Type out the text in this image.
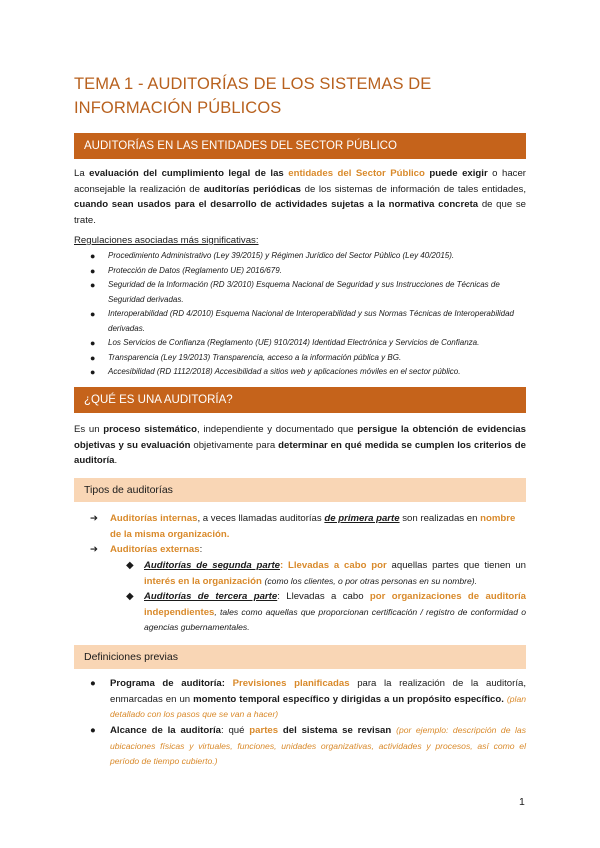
TEMA 1 - AUDITORÍAS DE LOS SISTEMAS DE INFORMACIÓN PÚBLICOS
AUDITORÍAS EN LAS ENTIDADES DEL SECTOR PÚBLICO
La evaluación del cumplimiento legal de las entidades del Sector Público puede exigir o hacer aconsejable la realización de auditorías periódicas de los sistemas de información de tales entidades, cuando sean usados para el desarrollo de actividades sujetas a la normativa concreta de que se trate.
Regulaciones asociadas más significativas:
● Procedimiento Administrativo (Ley 39/2015) y Régimen Jurídico del Sector Público (Ley 40/2015).
● Protección de Datos (Reglamento UE) 2016/679.
● Seguridad de la Información (RD 3/2010) Esquema Nacional de Seguridad y sus Instrucciones de Técnicas de Seguridad derivadas.
● Interoperabilidad (RD 4/2010) Esquema Nacional de Interoperabilidad y sus Normas Técnicas de Interoperabilidad derivadas.
● Los Servicios de Confianza (Reglamento (UE) 910/2014) Identidad Electrónica y Servicios de Confianza.
● Transparencia (Ley 19/2013) Transparencia, acceso a la información pública y BG.
● Accesibilidad (RD 1112/2018) Accesibilidad a sitios web y aplicaciones móviles en el sector público.
¿QUÉ ES UNA AUDITORÍA?
Es un proceso sistemático, independiente y documentado que persigue la obtención de evidencias objetivas y su evaluación objetivamente para determinar en qué medida se cumplen los criterios de auditoría.
Tipos de auditorías
➔ Auditorías internas, a veces llamadas auditorías de primera parte son realizadas en nombre de la misma organización.
➔ Auditorías externas:
◆ Auditorías de segunda parte: Llevadas a cabo por aquellas partes que tienen un interés en la organización (como los clientes, o por otras personas en su nombre).
◆ Auditorías de tercera parte: Llevadas a cabo por organizaciones de auditoría independientes, tales como aquellas que proporcionan certificación / registro de conformidad o agencias gubernamentales.
Definiciones previas
● Programa de auditoría: Previsiones planificadas para la realización de la auditoría, enmarcadas en un momento temporal específico y dirigidas a un propósito específico. (plan detallado con los pasos que se van a hacer)
● Alcance de la auditoría: qué partes del sistema se revisan (por ejemplo: descripción de las ubicaciones físicas y virtuales, funciones, unidades organizativas, actividades y procesos, así como el período de tiempo cubierto.)
1
